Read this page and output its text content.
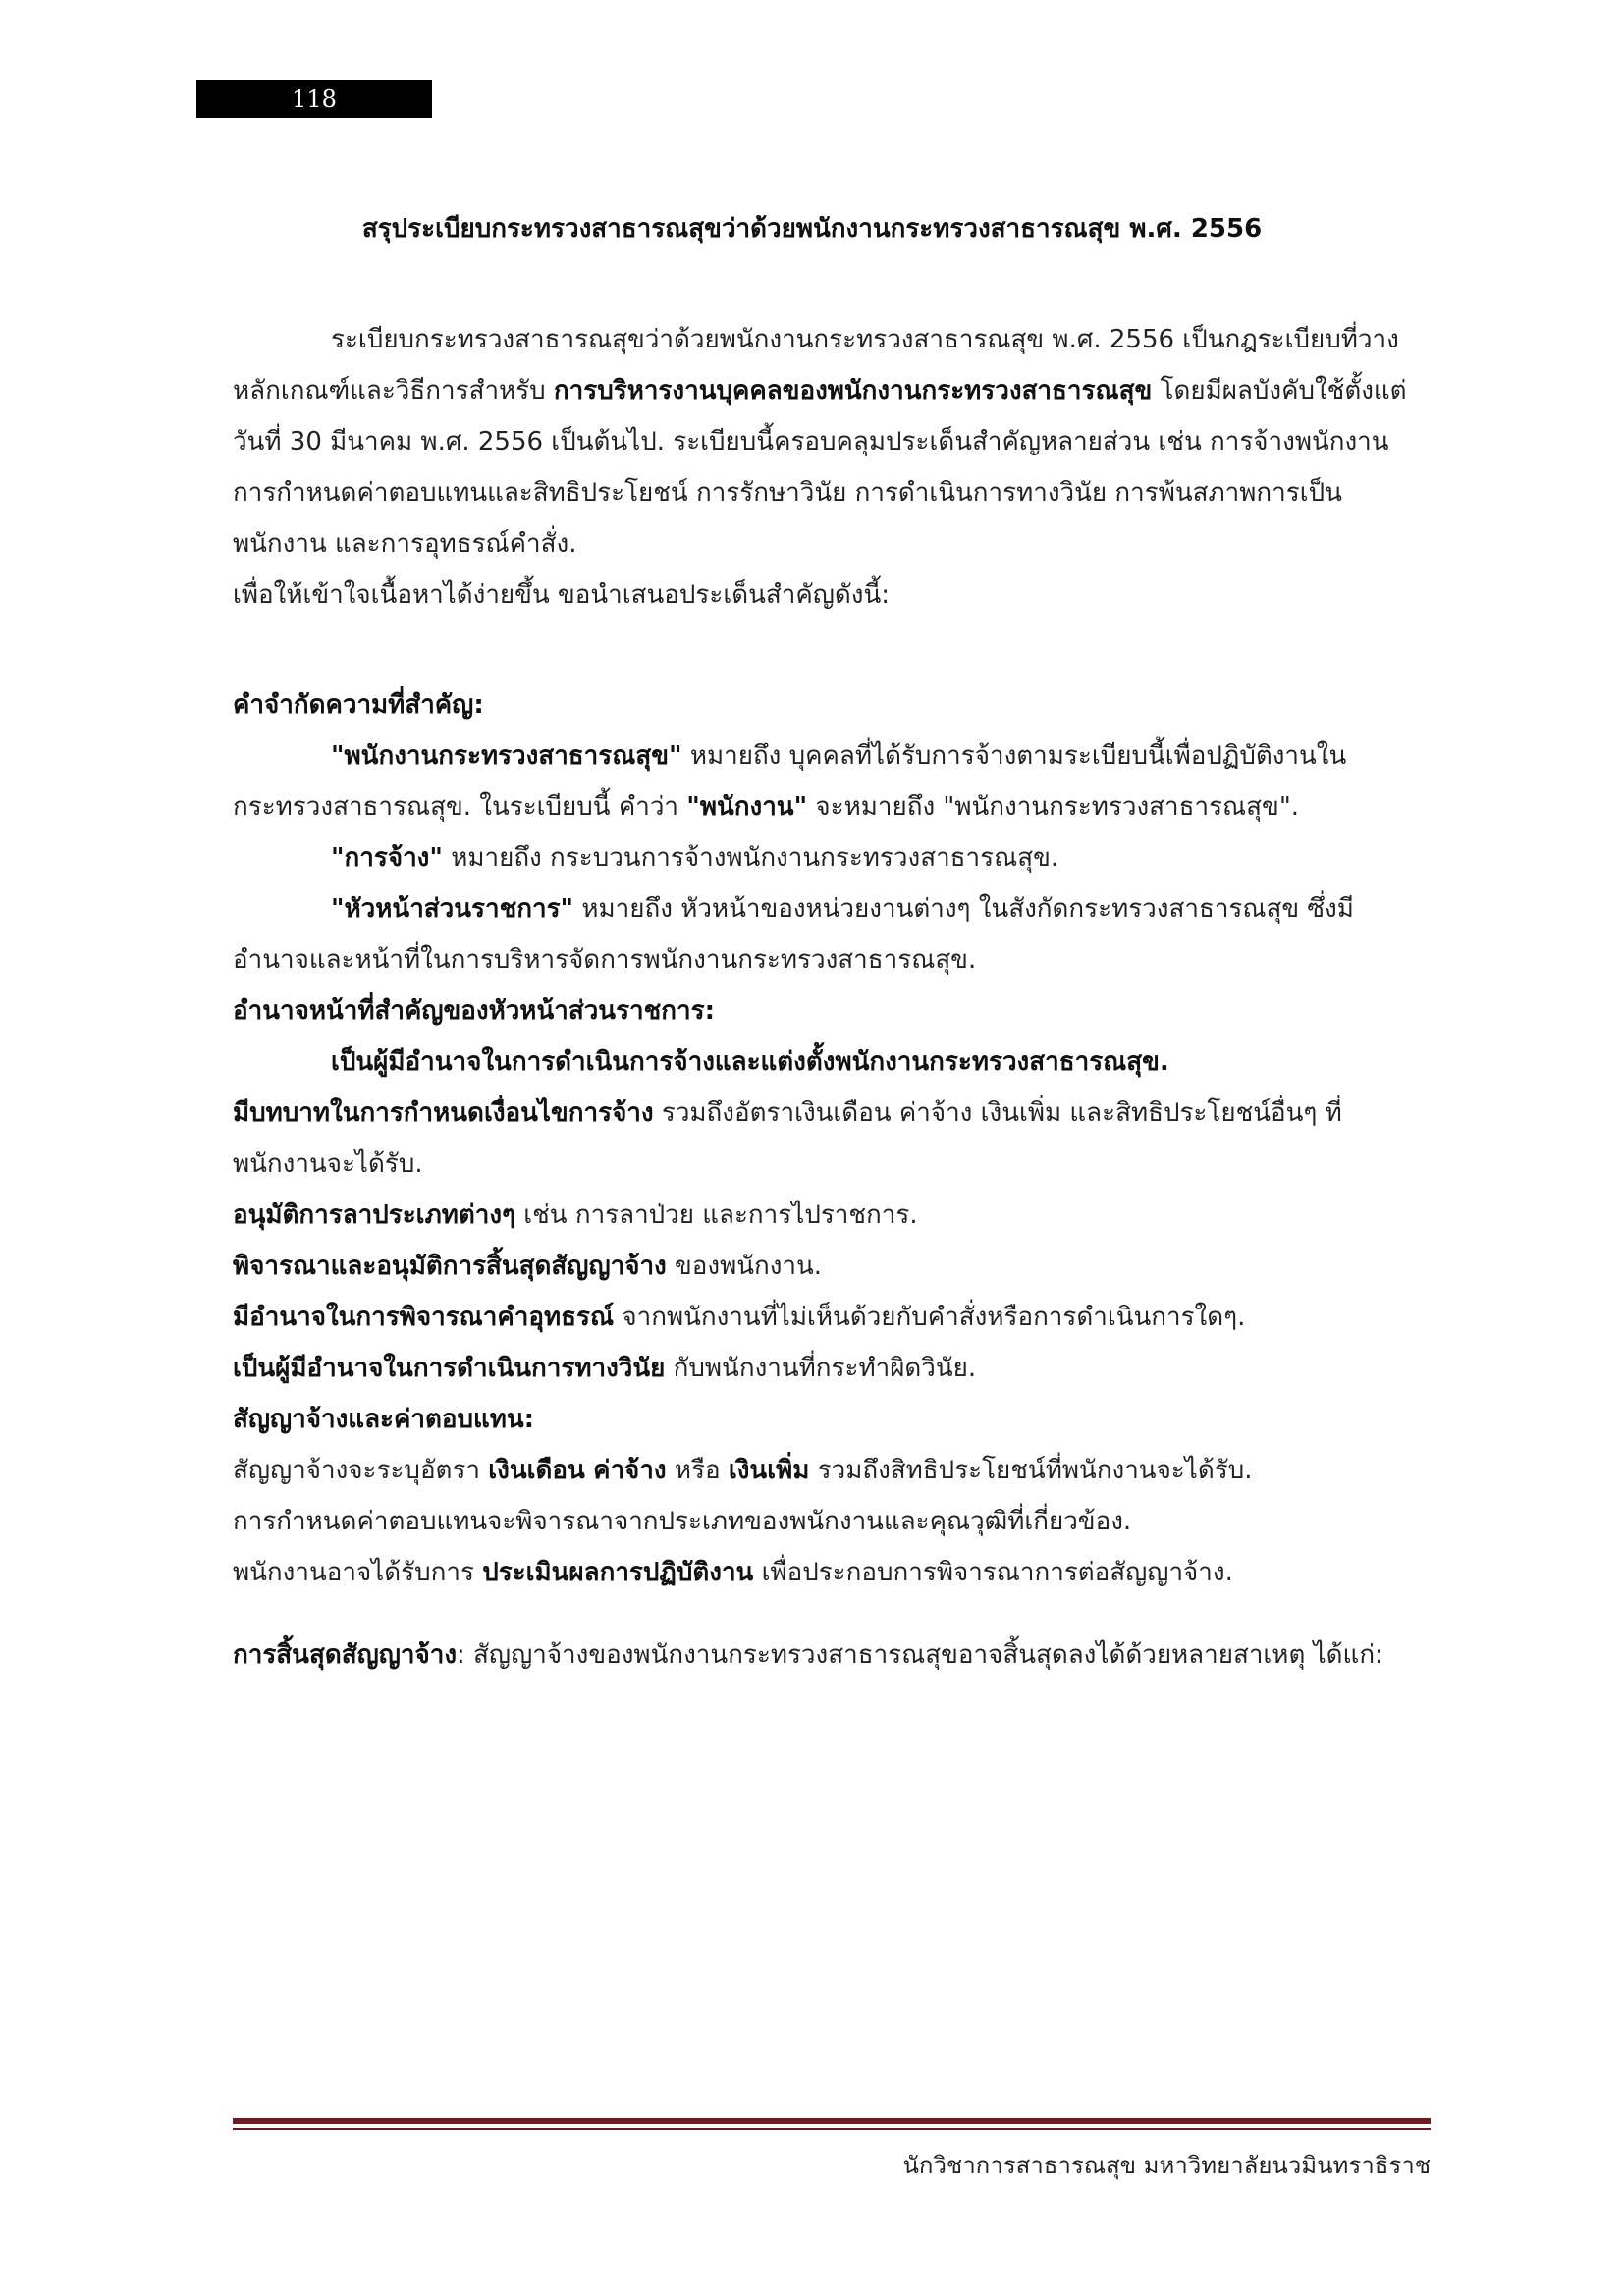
118
สรุประเบียบกระทรวงสาธารณสุขว่าด้วยพนักงานกระทรวงสาธารณสุข พ.ศ. 2556

ระเบียบกระทรวงสาธารณสุขว่าด้วยพนักงานกระทรวงสาธารณสุข พ.ศ. 2556 เป็นกฎระเบียบที่วางหลักเกณฑ์และวิธีการสำหรับ การบริหารงานบุคคลของพนักงานกระทรวงสาธารณสุข โดยมีผลบังคับใช้ตั้งแต่วันที่ 30 มีนาคม พ.ศ. 2556 เป็นต้นไป. ระเบียบนี้ครอบคลุมประเด็นสำคัญหลายส่วน เช่น การจ้างพนักงาน การกำหนดค่าตอบแทนและสิทธิประโยชน์ การรักษาวินัย การดำเนินการทางวินัย การพ้นสภาพการเป็นพนักงาน และการอุทธรณ์คำสั่ง.

เพื่อให้เข้าใจเนื้อหาได้ง่ายขึ้น ขอนำเสนอประเด็นสำคัญดังนี้:

คำจำกัดความที่สำคัญ:

"พนักงานกระทรวงสาธารณสุข" หมายถึง บุคคลที่ได้รับการจ้างตามระเบียบนี้เพื่อปฏิบัติงานในกระทรวงสาธารณสุข. ในระเบียบนี้ คำว่า "พนักงาน" จะหมายถึง "พนักงานกระทรวงสาธารณสุข".

"การจ้าง" หมายถึง กระบวนการจ้างพนักงานกระทรวงสาธารณสุข.

"หัวหน้าส่วนราชการ" หมายถึง หัวหน้าของหน่วยงานต่างๆ ในสังกัดกระทรวงสาธารณสุข ซึ่งมีอำนาจและหน้าที่ในการบริหารจัดการพนักงานกระทรวงสาธารณสุข.

อำนาจหน้าที่สำคัญของหัวหน้าส่วนราชการ:

เป็นผู้มีอำนาจในการดำเนินการจ้างและแต่งตั้งพนักงานกระทรวงสาธารณสุข.

มีบทบาทในการกำหนดเงื่อนไขการจ้าง รวมถึงอัตราเงินเดือน ค่าจ้าง เงินเพิ่ม และสิทธิประโยชน์อื่นๆ ที่พนักงานจะได้รับ.

อนุมัติการลาประเภทต่างๆ เช่น การลาป่วย และการไปราชการ.

พิจารณาและอนุมัติการสิ้นสุดสัญญาจ้าง ของพนักงาน.

มีอำนาจในการพิจารณาคำอุทธรณ์ จากพนักงานที่ไม่เห็นด้วยกับคำสั่งหรือการดำเนินการใดๆ.

เป็นผู้มีอำนาจในการดำเนินการทางวินัย กับพนักงานที่กระทำผิดวินัย.

สัญญาจ้างและค่าตอบแทน:

สัญญาจ้างจะระบุอัตรา เงินเดือน ค่าจ้าง หรือ เงินเพิ่ม รวมถึงสิทธิประโยชน์ที่พนักงานจะได้รับ.

การกำหนดค่าตอบแทนจะพิจารณาจากประเภทของพนักงานและคุณวุฒิที่เกี่ยวข้อง.

พนักงานอาจได้รับการ ประเมินผลการปฏิบัติงาน เพื่อประกอบการพิจารณาการต่อสัญญาจ้าง.

การสิ้นสุดสัญญาจ้าง: สัญญาจ้างของพนักงานกระทรวงสาธารณสุขอาจสิ้นสุดลงได้ด้วยหลายสาเหตุ ได้แก่:

นักวิชาการสาธารณสุข มหาวิทยาลัยนวมินทราธิราช
